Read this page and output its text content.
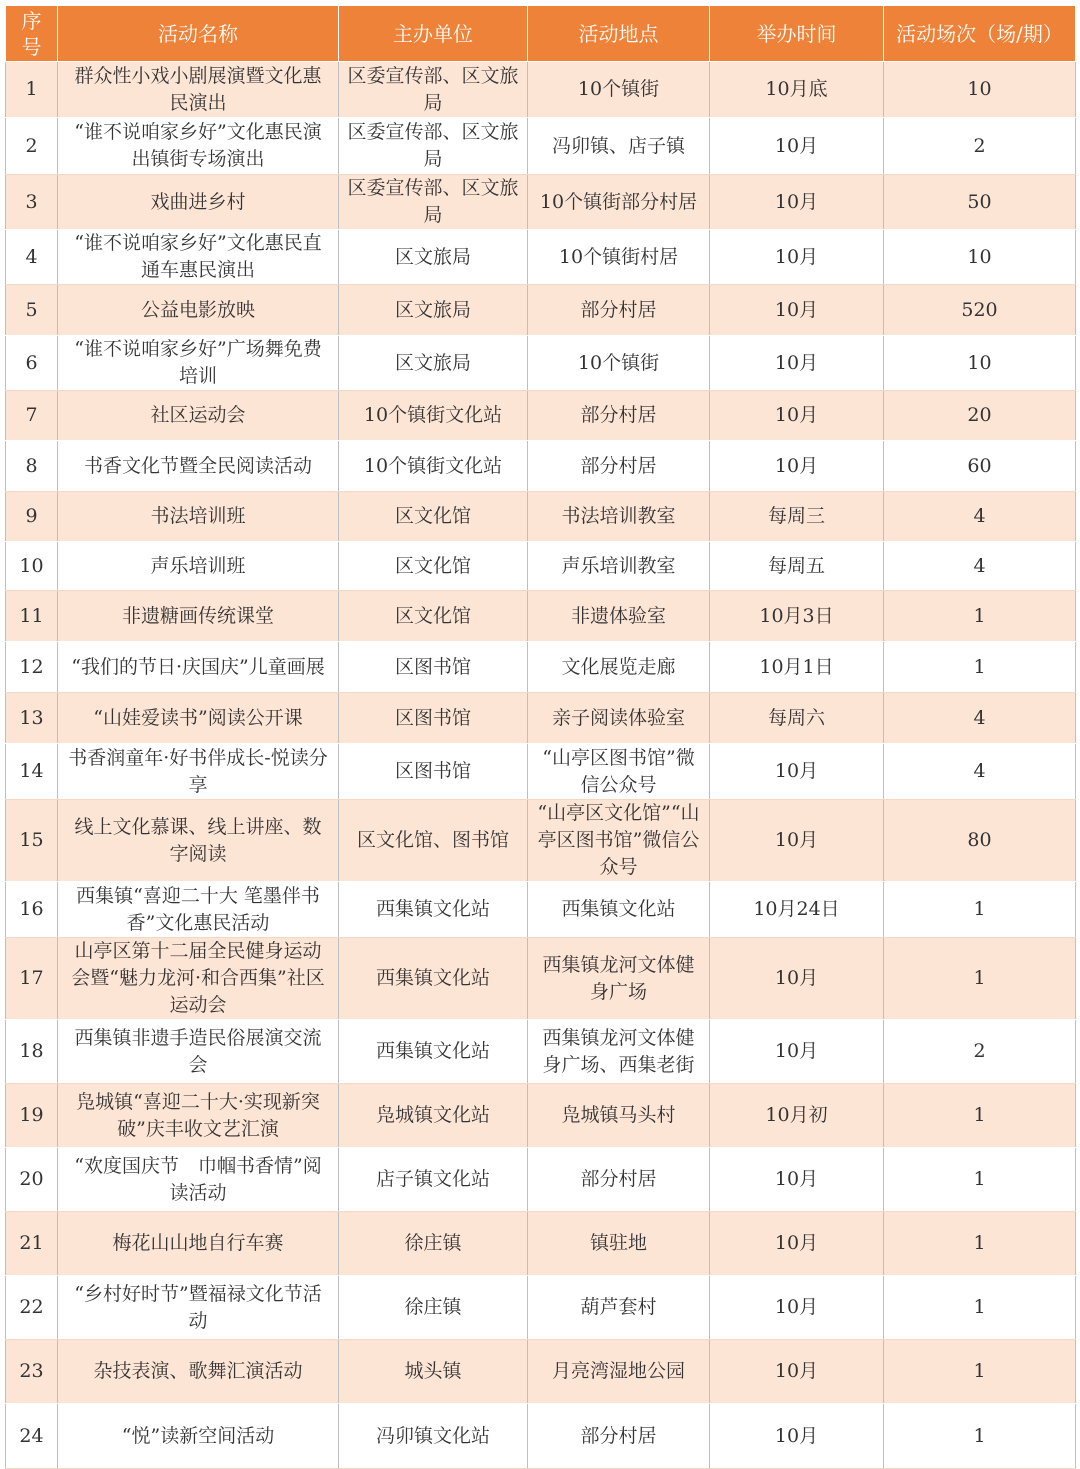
序号	活动名称	主办单位	活动地点	举办时间	活动场次（场/期）
1	群众性小戏小剧展演暨文化惠民演出	区委宣传部、区文旅局	10个镇街	10月底	10
2	“谁不说咱家乡好”文化惠民演出镇街专场演出	区委宣传部、区文旅局	冯卯镇、店子镇	10月	2
3	戏曲进乡村	区委宣传部、区文旅局	10个镇街部分村居	10月	50
4	“谁不说咱家乡好”文化惠民直通车惠民演出	区文旅局	10个镇街村居	10月	10
5	公益电影放映	区文旅局	部分村居	10月	520
6	“谁不说咱家乡好”广场舞免费培训	区文旅局	10个镇街	10月	10
7	社区运动会	10个镇街文化站	部分村居	10月	20
8	书香文化节暨全民阅读活动	10个镇街文化站	部分村居	10月	60
9	书法培训班	区文化馆	书法培训教室	每周三	4
10	声乐培训班	区文化馆	声乐培训教室	每周五	4
11	非遗糖画传统课堂	区文化馆	非遗体验室	10月3日	1
12	“我们的节日·庆国庆”儿童画展	区图书馆	文化展览走廊	10月1日	1
13	“山娃爱读书”阅读公开课	区图书馆	亲子阅读体验室	每周六	4
14	书香润童年·好书伴成长-悦读分享	区图书馆	“山亭区图书馆”微信公众号	10月	4
15	线上文化慕课、线上讲座、数字阅读	区文化馆、图书馆	“山亭区文化馆”“山亭区图书馆”微信公众号	10月	80
16	西集镇“喜迎二十大 笔墨伴书香”文化惠民活动	西集镇文化站	西集镇文化站	10月24日	1
17	山亭区第十二届全民健身运动会暨“魅力龙河·和合西集”社区运动会	西集镇文化站	西集镇龙河文体健身广场	10月	1
18	西集镇非遗手造民俗展演交流会	西集镇文化站	西集镇龙河文体健身广场、西集老街	10月	2
19	凫城镇“喜迎二十大·实现新突破”庆丰收文艺汇演	凫城镇文化站	凫城镇马头村	10月初	1
20	“欢度国庆节　巾帼书香情”阅读活动	店子镇文化站	部分村居	10月	1
21	梅花山山地自行车赛	徐庄镇	镇驻地	10月	1
22	“乡村好时节”暨福禄文化节活动	徐庄镇	葫芦套村	10月	1
23	杂技表演、歌舞汇演活动	城头镇	月亮湾湿地公园	10月	1
24	“悦”读新空间活动	冯卯镇文化站	部分村居	10月	1
